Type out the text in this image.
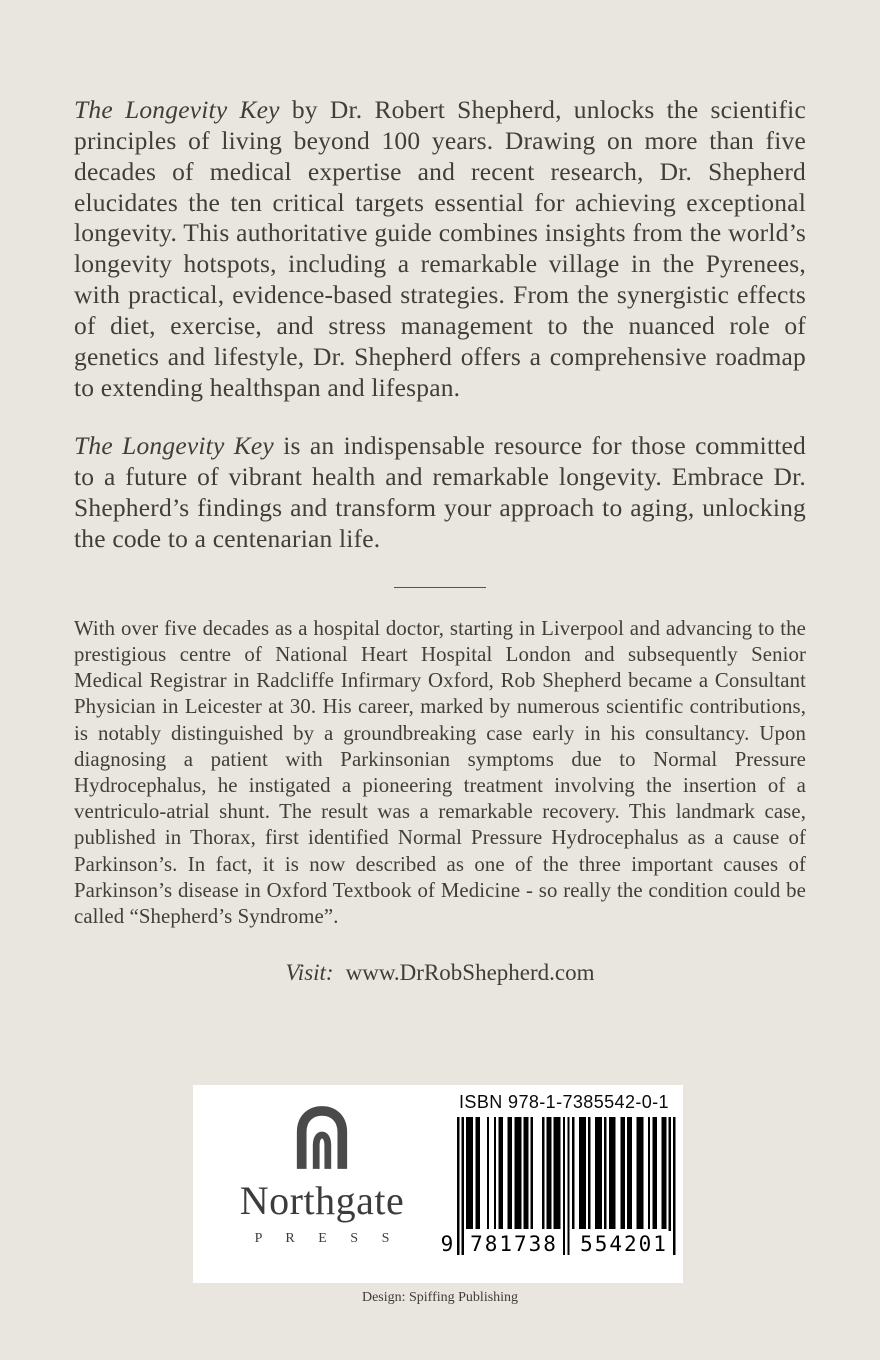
The Longevity Key by Dr. Robert Shepherd, unlocks the scientific principles of living beyond 100 years. Drawing on more than five decades of medical expertise and recent research, Dr. Shepherd elucidates the ten critical targets essential for achieving exceptional longevity. This authoritative guide combines insights from the world’s longevity hotspots, including a remarkable village in the Pyrenees, with practical, evidence-based strategies. From the synergistic effects of diet, exercise, and stress management to the nuanced role of genetics and lifestyle, Dr. Shepherd offers a comprehensive roadmap to extending healthspan and lifespan.

The Longevity Key is an indispensable resource for those committed to a future of vibrant health and remarkable longevity. Embrace Dr. Shepherd’s findings and transform your approach to aging, unlocking the code to a centenarian life.

With over five decades as a hospital doctor, starting in Liverpool and advancing to the prestigious centre of National Heart Hospital London and subsequently Senior Medical Registrar in Radcliffe Infirmary Oxford, Rob Shepherd became a Consultant Physician in Leicester at 30. His career, marked by numerous scientific contributions, is notably distinguished by a groundbreaking case early in his consultancy. Upon diagnosing a patient with Parkinsonian symptoms due to Normal Pressure Hydrocephalus, he instigated a pioneering treatment involving the insertion of a ventriculo-atrial shunt. The result was a remarkable recovery. This landmark case, published in Thorax, first identified Normal Pressure Hydrocephalus as a cause of Parkinson’s. In fact, it is now described as one of the three important causes of Parkinson’s disease in Oxford Textbook of Medicine - so really the condition could be called “Shepherd’s Syndrome”.

Visit: www.DrRobShepherd.com

Northgate
P R E S S
ISBN 978-1-7385542-0-1
9 781738 554201
Design: Spiffing Publishing
